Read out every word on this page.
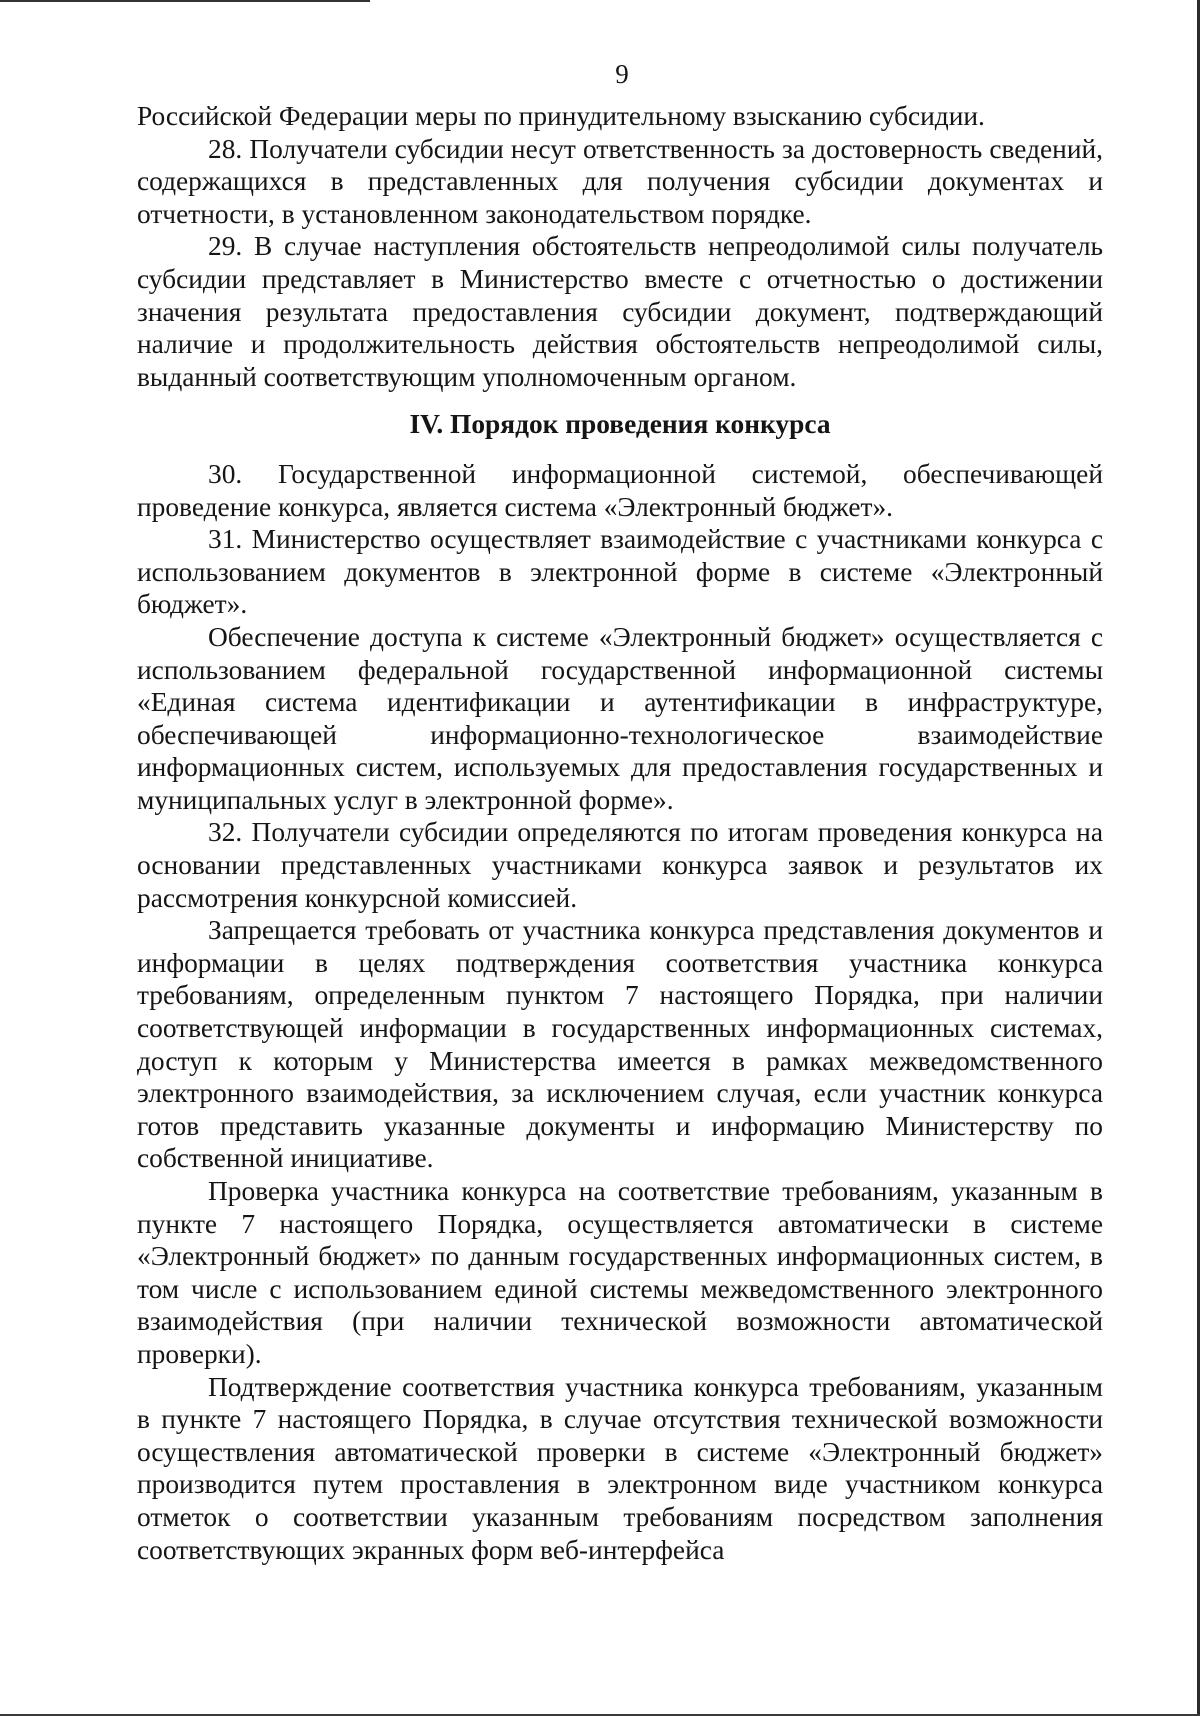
9

Российской Федерации меры по принудительному взысканию субсидии.

28. Получатели субсидии несут ответственность за достоверность сведений, содержащихся в представленных для получения субсидии документах и отчетности, в установленном законодательством порядке.

29. В случае наступления обстоятельств непреодолимой силы получатель субсидии представляет в Министерство вместе с отчетностью о достижении значения результата предоставления субсидии документ, подтверждающий наличие и продолжительность действия обстоятельств непреодолимой силы, выданный соответствующим уполномоченным органом.

IV. Порядок проведения конкурса

30. Государственной информационной системой, обеспечивающей проведение конкурса, является система «Электронный бюджет».

31. Министерство осуществляет взаимодействие с участниками конкурса с использованием документов в электронной форме в системе «Электронный бюджет».

Обеспечение доступа к системе «Электронный бюджет» осуществляется с использованием федеральной государственной информационной системы «Единая система идентификации и аутентификации в инфраструктуре, обеспечивающей информационно-технологическое взаимодействие информационных систем, используемых для предоставления государственных и муниципальных услуг в электронной форме».

32. Получатели субсидии определяются по итогам проведения конкурса на основании представленных участниками конкурса заявок и результатов их рассмотрения конкурсной комиссией.

Запрещается требовать от участника конкурса представления документов и информации в целях подтверждения соответствия участника конкурса требованиям, определенным пунктом 7 настоящего Порядка, при наличии соответствующей информации в государственных информационных системах, доступ к которым у Министерства имеется в рамках межведомственного электронного взаимодействия, за исключением случая, если участник конкурса готов представить указанные документы и информацию Министерству по собственной инициативе.

Проверка участника конкурса на соответствие требованиям, указанным в пункте 7 настоящего Порядка, осуществляется автоматически в системе «Электронный бюджет» по данным государственных информационных систем, в том числе с использованием единой системы межведомственного электронного взаимодействия (при наличии технической возможности автоматической проверки).

Подтверждение соответствия участника конкурса требованиям, указанным в пункте 7 настоящего Порядка, в случае отсутствия технической возможности осуществления автоматической проверки в системе «Электронный бюджет» производится путем проставления в электронном виде участником конкурса отметок о соответствии указанным требованиям посредством заполнения соответствующих экранных форм веб-интерфейса
